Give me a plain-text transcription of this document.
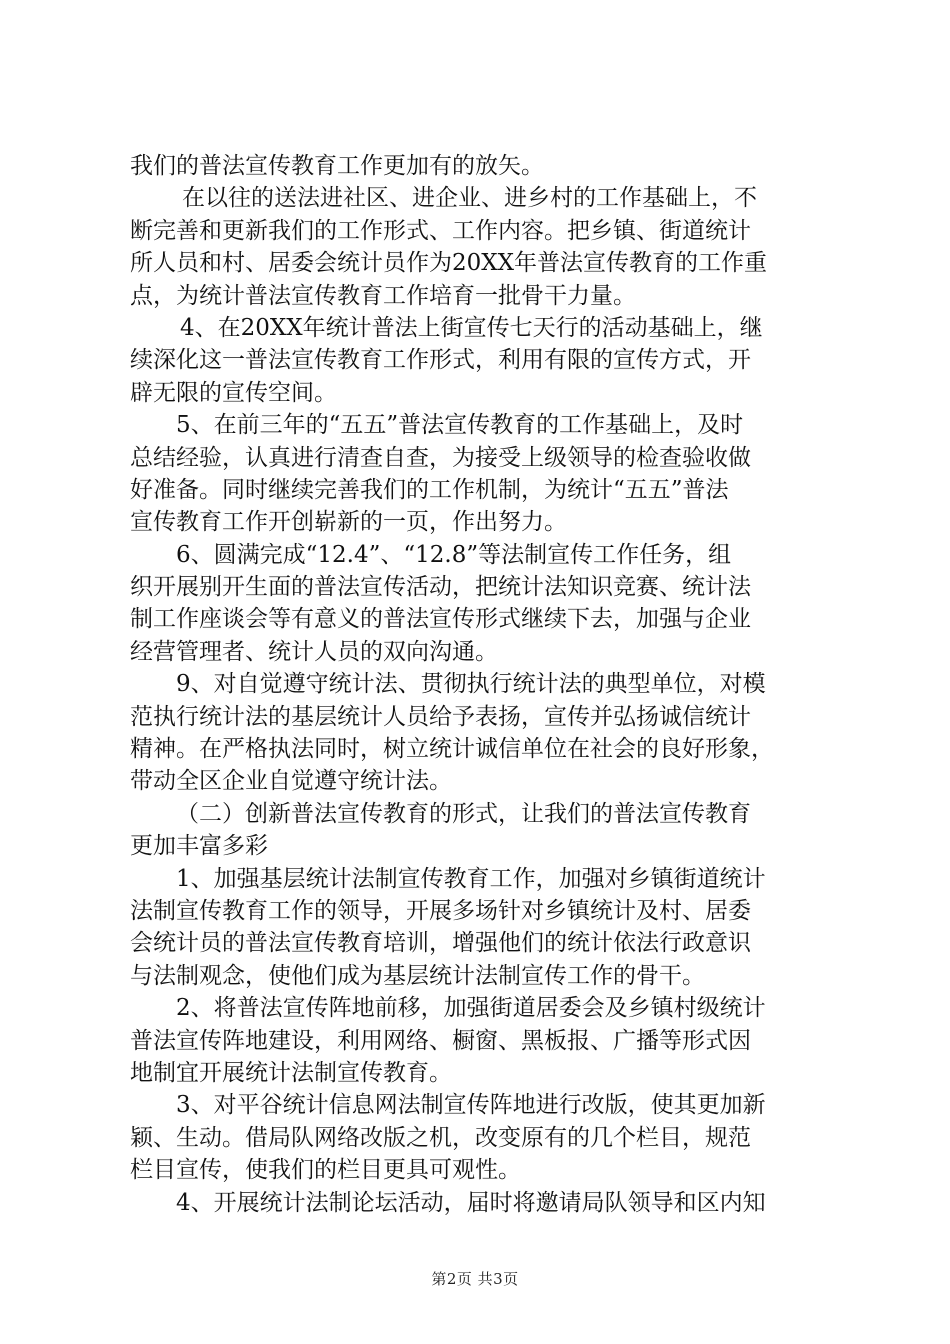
我们的普法宣传教育工作更加有的放矢。
在以往的送法进社区、进企业、进乡村的工作基础上，不
断完善和更新我们的工作形式、工作内容。把乡镇、街道统计
所人员和村、居委会统计员作为20XX年普法宣传教育的工作重
点，为统计普法宣传教育工作培育一批骨干力量。
4、在20XX年统计普法上街宣传七天行的活动基础上，继
续深化这一普法宣传教育工作形式，利用有限的宣传方式，开
辟无限的宣传空间。
5、在前三年的“五五”普法宣传教育的工作基础上，及时
总结经验，认真进行清查自查，为接受上级领导的检查验收做
好准备。同时继续完善我们的工作机制，为统计“五五”普法
宣传教育工作开创崭新的一页，作出努力。
6、圆满完成“12.4”、“12.8”等法制宣传工作任务，组
织开展别开生面的普法宣传活动，把统计法知识竞赛、统计法
制工作座谈会等有意义的普法宣传形式继续下去，加强与企业
经营管理者、统计人员的双向沟通。
9、对自觉遵守统计法、贯彻执行统计法的典型单位，对模
范执行统计法的基层统计人员给予表扬，宣传并弘扬诚信统计
精神。在严格执法同时，树立统计诚信单位在社会的良好形象，
带动全区企业自觉遵守统计法。
（二）创新普法宣传教育的形式，让我们的普法宣传教育
更加丰富多彩
1、加强基层统计法制宣传教育工作，加强对乡镇街道统计
法制宣传教育工作的领导，开展多场针对乡镇统计及村、居委
会统计员的普法宣传教育培训，增强他们的统计依法行政意识
与法制观念，使他们成为基层统计法制宣传工作的骨干。
2、将普法宣传阵地前移，加强街道居委会及乡镇村级统计
普法宣传阵地建设，利用网络、橱窗、黑板报、广播等形式因
地制宜开展统计法制宣传教育。
3、对平谷统计信息网法制宣传阵地进行改版，使其更加新
颖、生动。借局队网络改版之机，改变原有的几个栏目，规范
栏目宣传，使我们的栏目更具可观性。
4、开展统计法制论坛活动，届时将邀请局队领导和区内知
第2页 共3页
